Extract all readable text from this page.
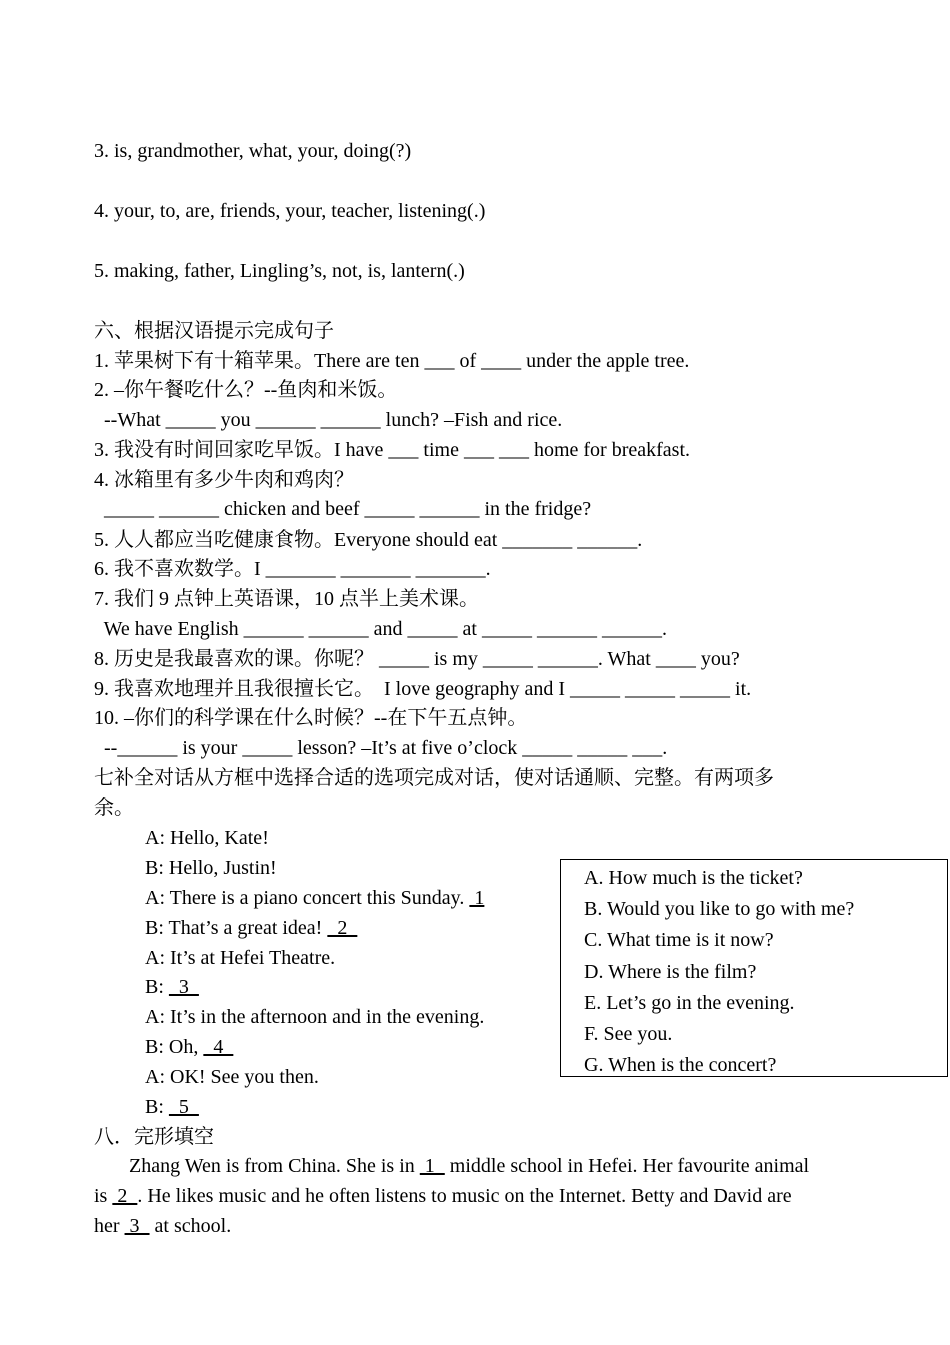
3. is, grandmother, what, your, doing(?)
4. your, to, are, friends, your, teacher, listening(.)
5. making, father, Lingling’s, not, is, lantern(.)
六、根据汉语提示完成句子
1. 苹果树下有十箱苹果。There are ten ___ of ____ under the apple tree.
2. –你午餐吃什么？--鱼肉和米饭。
--What _____ you ______ ______ lunch? –Fish and rice.
3. 我没有时间回家吃早饭。I have ___ time ___ ___ home for breakfast.
4. 冰箱里有多少牛肉和鸡肉？
_____ ______ chicken and beef _____ ______ in the fridge?
5. 人人都应当吃健康食物。Everyone should eat _______ ______.
6. 我不喜欢数学。I _______ _______ _______.
7. 我们 9 点钟上英语课，10 点半上美术课。
We have English ______ ______ and _____ at _____ ______ ______.
8. 历史是我最喜欢的课。你呢？ _____ is my _____ ______. What ____ you?
9. 我喜欢地理并且我很擅长它。  I love geography and I _____ _____ _____ it.
10. –你们的科学课在什么时候？--在下午五点钟。
--______ is your _____ lesson? –It’s at five o’clock _____ _____ ___.
七补全对话从方框中选择合适的选项完成对话，使对话通顺、完整。有两项多
余。
A: Hello, Kate!
B: Hello, Justin!
A: There is a piano concert this Sunday.  1
B: That’s a great idea!   2
A: It’s at Hefei Theatre.
B:   3
A: It’s in the afternoon and in the evening.
B: Oh,   4
A: OK! See you then.
B:   5
A. How much is the ticket?
B. Would you like to go with me?
C. What time is it now?
D. Where is the film?
E. Let’s go in the evening.
F. See you.
G. When is the concert?
八．完形填空
Zhang Wen is from China. She is in  1   middle school in Hefei. Her favourite animal
is  2  . He likes music and he often listens to music on the Internet. Betty and David are
her  3   at school.
